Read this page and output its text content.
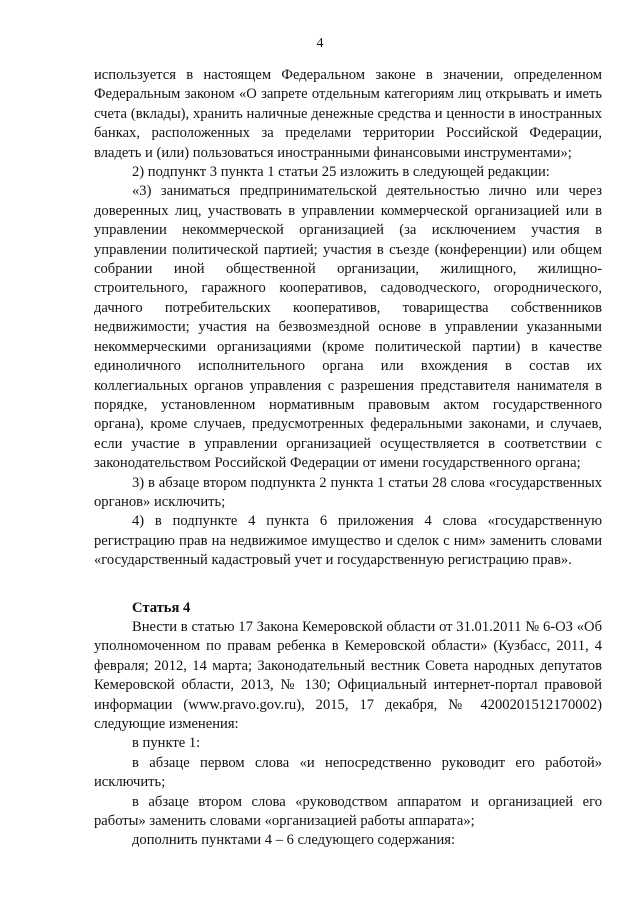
4

используется в настоящем Федеральном законе в значении, определенном Федеральным законом «О запрете отдельным категориям лиц открывать и иметь счета (вклады), хранить наличные денежные средства и ценности в иностранных банках, расположенных за пределами территории Российской Федерации, владеть и (или) пользоваться иностранными финансовыми инструментами»;

2) подпункт 3 пункта 1 статьи 25 изложить в следующей редакции:

«3) заниматься предпринимательской деятельностью лично или через доверенных лиц, участвовать в управлении коммерческой организацией или в управлении некоммерческой организацией (за исключением участия в управлении политической партией; участия в съезде (конференции) или общем собрании иной общественной организации, жилищного, жилищно-строительного, гаражного кооперативов, садоводческого, огороднического, дачного потребительских кооперативов, товарищества собственников недвижимости; участия на безвозмездной основе в управлении указанными некоммерческими организациями (кроме политической партии) в качестве единоличного исполнительного органа или вхождения в состав их коллегиальных органов управления с разрешения представителя нанимателя в порядке, установленном нормативным правовым актом государственного органа), кроме случаев, предусмотренных федеральными законами, и случаев, если участие в управлении организацией осуществляется в соответствии с законодательством Российской Федерации от имени государственного органа;

3) в абзаце втором подпункта 2 пункта 1 статьи 28 слова «государственных органов» исключить;

4) в подпункте 4 пункта 6 приложения 4 слова «государственную регистрацию прав на недвижимое имущество и сделок с ним» заменить словами «государственный кадастровый учет и государственную регистрацию прав».

Статья 4

Внести в статью 17 Закона Кемеровской области от 31.01.2011 № 6-ОЗ «Об уполномоченном по правам ребенка в Кемеровской области» (Кузбасс, 2011, 4 февраля; 2012, 14 марта; Законодательный вестник Совета народных депутатов Кемеровской области, 2013, № 130; Официальный интернет-портал правовой информации (www.pravo.gov.ru), 2015, 17 декабря, № 4200201512170002) следующие изменения:

в пункте 1:

в абзаце первом слова «и непосредственно руководит его работой» исключить;

в абзаце втором слова «руководством аппаратом и организацией его работы» заменить словами «организацией работы аппарата»;

дополнить пунктами 4 – 6 следующего содержания:
